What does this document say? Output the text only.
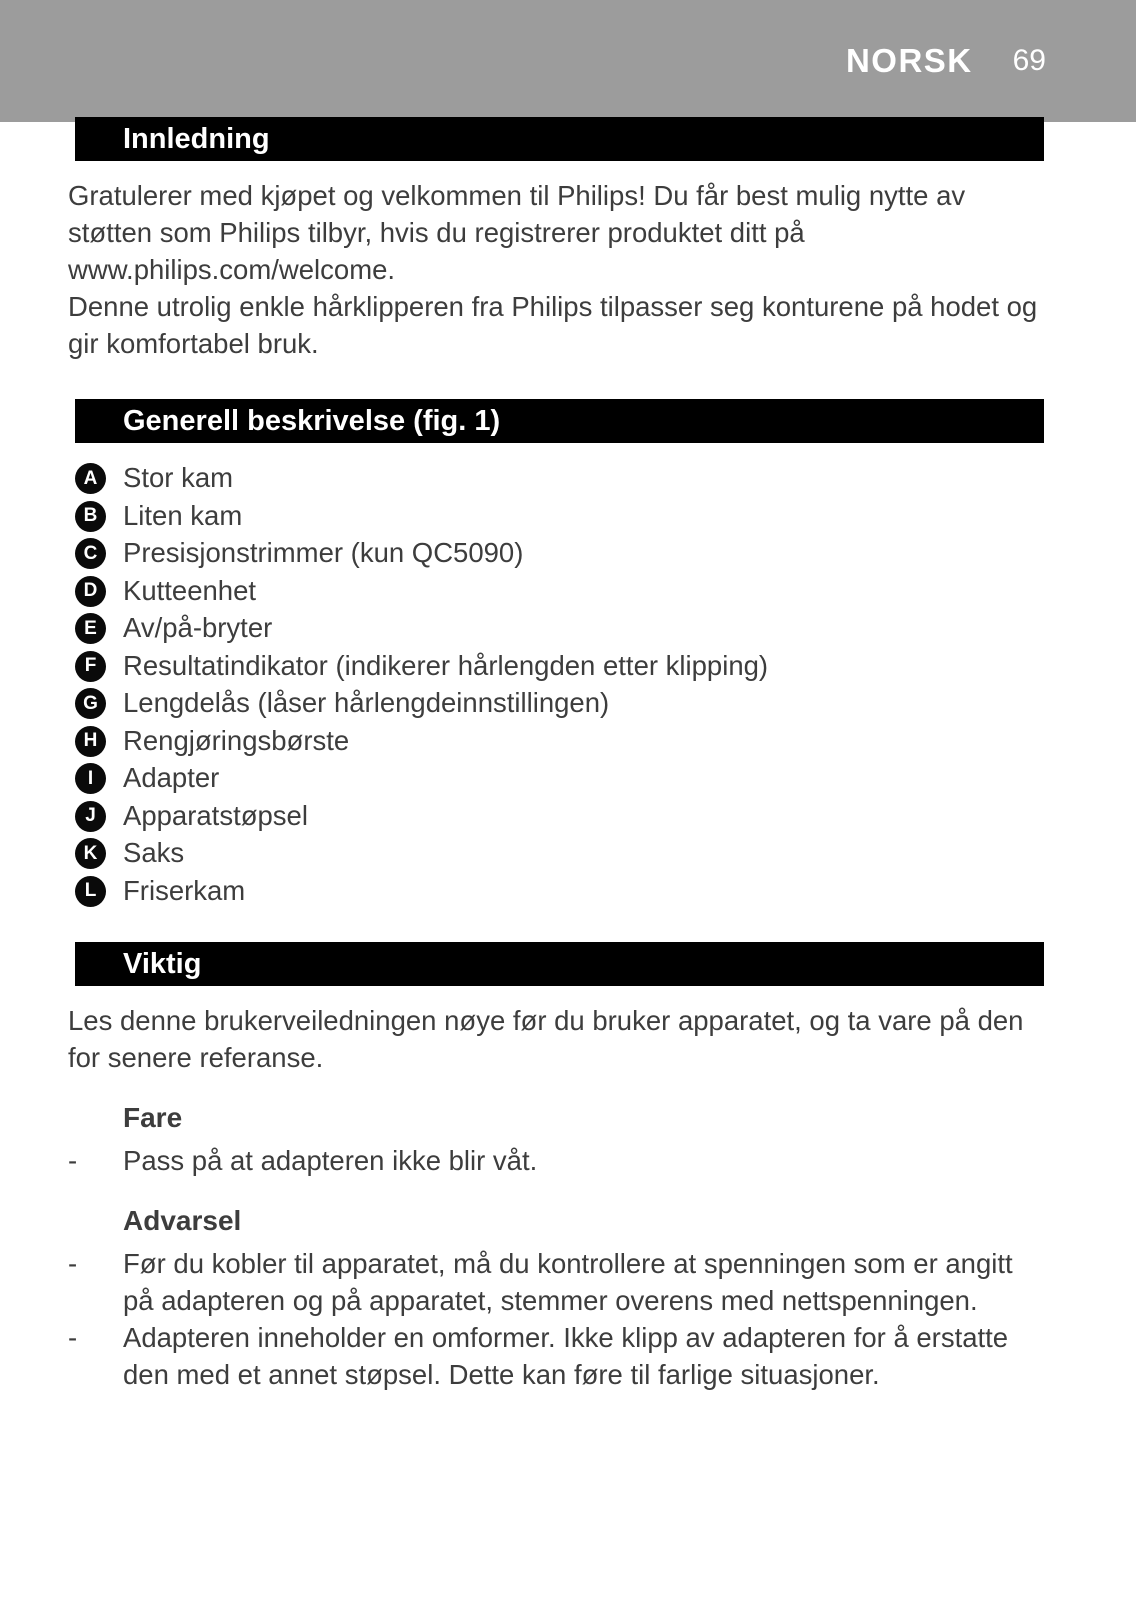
NORSK 69
Innledning

Gratulerer med kjøpet og velkommen til Philips! Du får best mulig nytte av støtten som Philips tilbyr, hvis du registrerer produktet ditt på www.philips.com/welcome.

Denne utrolig enkle hårklipperen fra Philips tilpasser seg konturene på hodet og gir komfortabel bruk.

Generell beskrivelse (fig. 1)
A Stor kam
B Liten kam
C Presisjonstrimmer (kun QC5090)
D Kutteenhet
E Av/på-bryter
F Resultatindikator (indikerer hårlengden etter klipping)
G Lengdelås (låser hårlengdeinnstillingen)
H Rengjøringsbørste
I	Adapter
J Apparatstøpsel
K Saks
L Friserkam
Viktig

Les denne brukerveiledningen nøye før du bruker apparatet, og ta vare på den for senere referanse.

Fare
-	Pass på at adapteren ikke blir våt.
Advarsel
-	Før du kobler til apparatet, må du kontrollere at spenningen som er angitt på adapteren og på apparatet, stemmer overens med nettspenningen.
-	Adapteren inneholder en omformer. Ikke klipp av adapteren for å erstatte den med et annet støpsel. Dette kan føre til farlige situasjoner.
